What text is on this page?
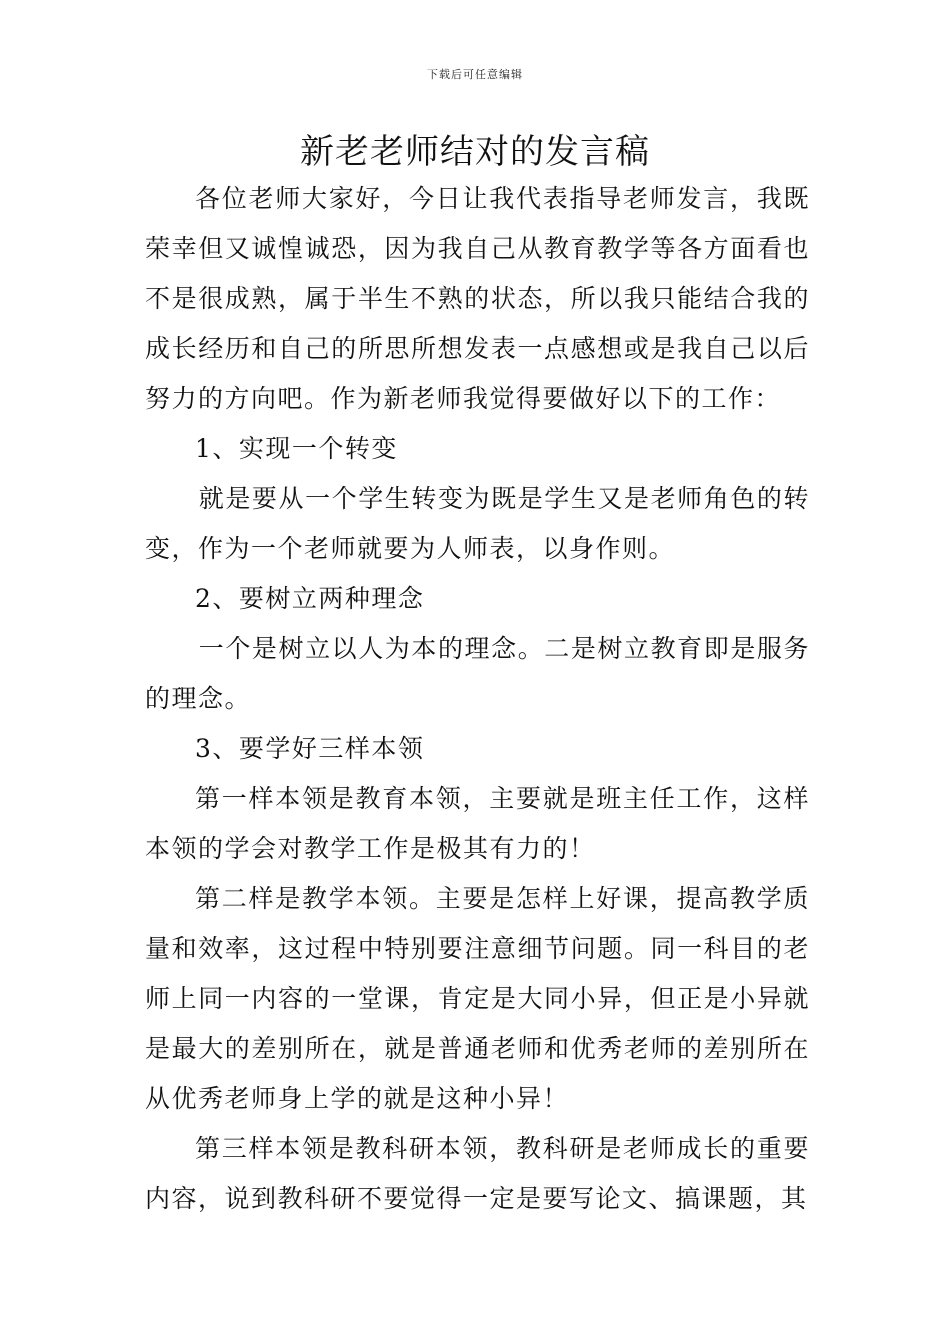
下载后可任意编辑
新老老师结对的发言稿

各位老师大家好，今日让我代表指导老师发言，我既荣幸但又诚惶诚恐，因为我自己从教育教学等各方面看也不是很成熟，属于半生不熟的状态，所以我只能结合我的成长经历和自己的所思所想发表一点感想或是我自己以后努力的方向吧。作为新老师我觉得要做好以下的工作：

1、实现一个转变

就是要从一个学生转变为既是学生又是老师角色的转变，作为一个老师就要为人师表，以身作则。

2、要树立两种理念

一个是树立以人为本的理念。二是树立教育即是服务的理念。

3、要学好三样本领

第一样本领是教育本领，主要就是班主任工作，这样本领的学会对教学工作是极其有力的！

第二样是教学本领。主要是怎样上好课，提高教学质量和效率，这过程中特别要注意细节问题。同一科目的老师上同一内容的一堂课，肯定是大同小异，但正是小异就是最大的差别所在，就是普通老师和优秀老师的差别所在从优秀老师身上学的就是这种小异！

第三样本领是教科研本领，教科研是老师成长的重要内容，说到教科研不要觉得一定是要写论文、搞课题，其
